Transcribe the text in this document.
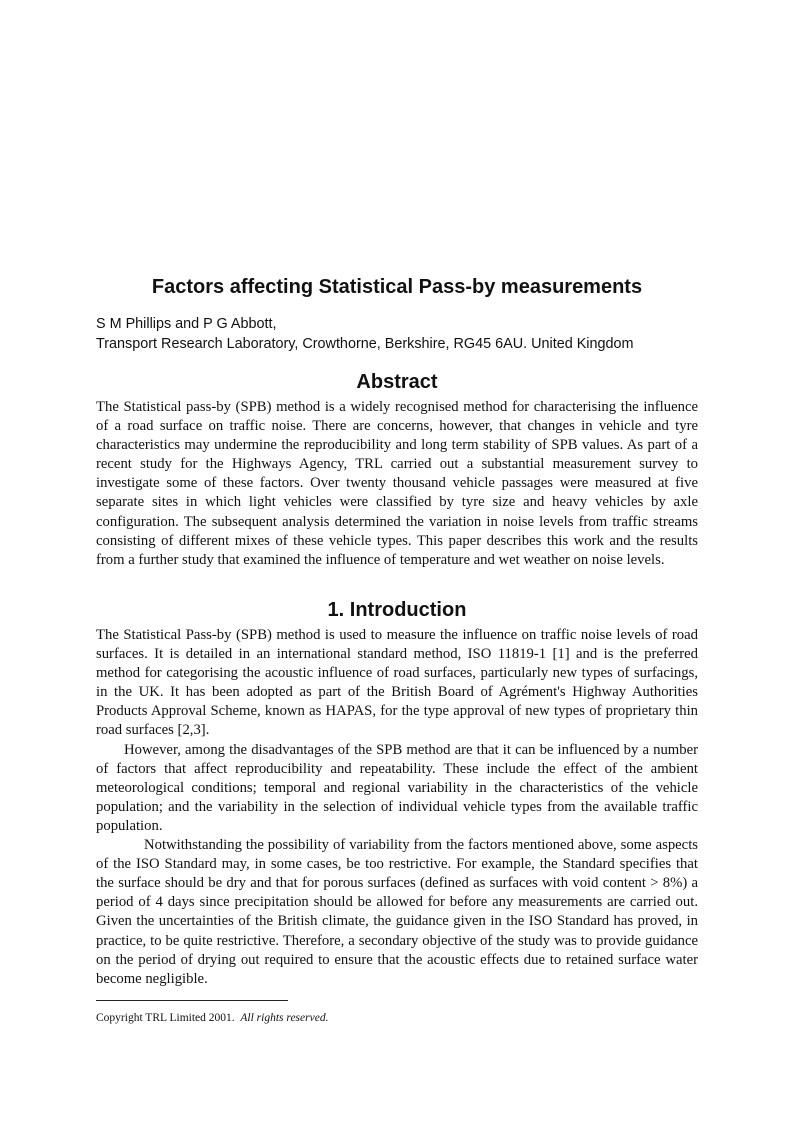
Factors affecting Statistical Pass-by measurements
S M Phillips and P G Abbott,
Transport Research Laboratory, Crowthorne, Berkshire, RG45 6AU. United Kingdom
Abstract

The Statistical pass-by (SPB) method is a widely recognised method for characterising the influence of a road surface on traffic noise. There are concerns, however, that changes in vehicle and tyre characteristics may undermine the reproducibility and long term stability of SPB values. As part of a recent study for the Highways Agency, TRL carried out a substantial measurement survey to investigate some of these factors. Over twenty thousand vehicle passages were measured at five separate sites in which light vehicles were classified by tyre size and heavy vehicles by axle configuration. The subsequent analysis determined the variation in noise levels from traffic streams consisting of different mixes of these vehicle types. This paper describes this work and the results from a further study that examined the influence of temperature and wet weather on noise levels.

1. Introduction

The Statistical Pass-by (SPB) method is used to measure the influence on traffic noise levels of road surfaces. It is detailed in an international standard method, ISO 11819-1 [1] and is the preferred method for categorising the acoustic influence of road surfaces, particularly new types of surfacings, in the UK. It has been adopted as part of the British Board of Agrément's Highway Authorities Products Approval Scheme, known as HAPAS, for the type approval of new types of proprietary thin road surfaces [2,3].

However, among the disadvantages of the SPB method are that it can be influenced by a number of factors that affect reproducibility and repeatability. These include the effect of the ambient meteorological conditions; temporal and regional variability in the characteristics of the vehicle population; and the variability in the selection of individual vehicle types from the available traffic population.

Notwithstanding the possibility of variability from the factors mentioned above, some aspects of the ISO Standard may, in some cases, be too restrictive. For example, the Standard specifies that the surface should be dry and that for porous surfaces (defined as surfaces with void content > 8%) a period of 4 days since precipitation should be allowed for before any measurements are carried out. Given the uncertainties of the British climate, the guidance given in the ISO Standard has proved, in practice, to be quite restrictive. Therefore, a secondary objective of the study was to provide guidance on the period of drying out required to ensure that the acoustic effects due to retained surface water become negligible.

Copyright TRL Limited 2001. All rights reserved.
